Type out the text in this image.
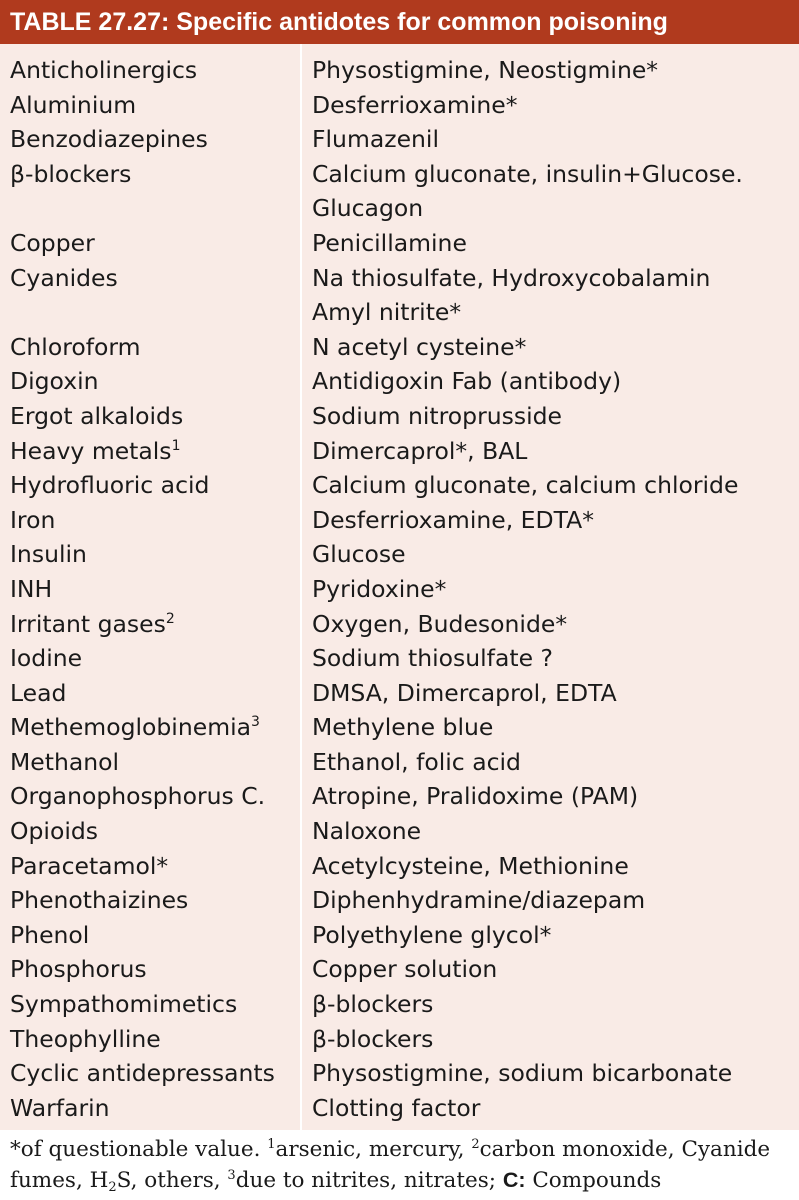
TABLE 27.27: Specific antidotes for common poisoning
Anticholinergics	Physostigmine, Neostigmine*
Aluminium	Desferrioxamine*
Benzodiazepines	Flumazenil
β-blockers	Calcium gluconate, insulin+Glucose.
Glucagon
Copper	Penicillamine
Cyanides	Na thiosulfate, Hydroxycobalamin
Amyl nitrite*
Chloroform	N acetyl cysteine*
Digoxin	Antidigoxin Fab (antibody)
Ergot alkaloids	Sodium nitroprusside
Heavy metals$^1$	Dimercaprol*, BAL
Hydrofluoric acid	Calcium gluconate, calcium chloride
Iron	Desferrioxamine, EDTA*
Insulin	Glucose
INH	Pyridoxine*
Irritant gases$^2$	Oxygen, Budesonide*
Iodine	Sodium thiosulfate ?
Lead	DMSA, Dimercaprol, EDTA
Methemoglobinemia$^3$	Methylene blue
Methanol	Ethanol, folic acid
Organophosphorus C.	Atropine, Pralidoxime (PAM)
Opioids	Naloxone
Paracetamol*	Acetylcysteine, Methionine
Phenothaizines	Diphenhydramine/diazepam
Phenol	Polyethylene glycol*
Phosphorus	Copper solution
Sympathomimetics	β-blockers
Theophylline	β-blockers
Cyclic antidepressants	Physostigmine, sodium bicarbonate
Warfarin	Clotting factor
*of questionable value. $^1$arsenic, mercury, $^2$carbon monoxide, Cyanide fumes, $H_2S$, others, $^3$due to nitrites, nitrates; C: Compounds
